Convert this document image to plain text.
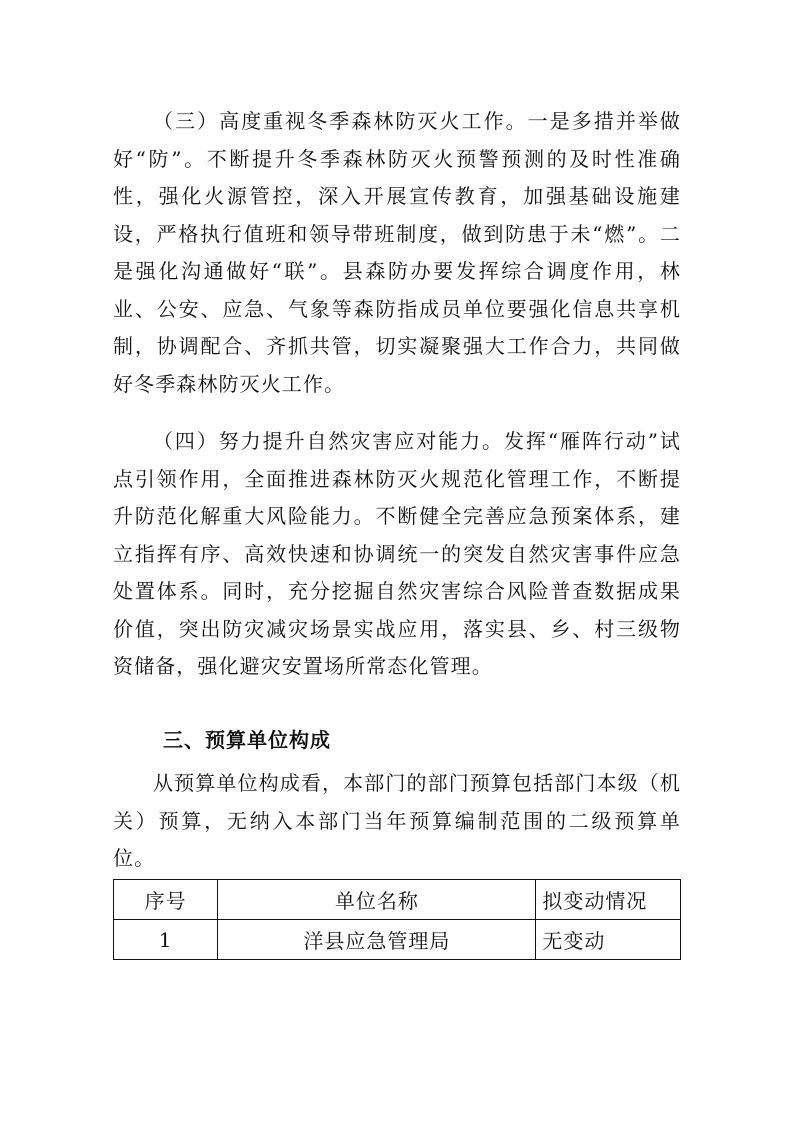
（三）高度重视冬季森林防灭火工作。一是多措并举做好“防”。不断提升冬季森林防灭火预警预测的及时性准确性，强化火源管控，深入开展宣传教育，加强基础设施建设，严格执行值班和领导带班制度，做到防患于未“燃”。二是强化沟通做好“联”。县森防办要发挥综合调度作用，林业、公安、应急、气象等森防指成员单位要强化信息共享机制，协调配合、齐抓共管，切实凝聚强大工作合力，共同做好冬季森林防灭火工作。

（四）努力提升自然灾害应对能力。发挥“雁阵行动”试点引领作用，全面推进森林防灭火规范化管理工作，不断提升防范化解重大风险能力。不断健全完善应急预案体系，建立指挥有序、高效快速和协调统一的突发自然灾害事件应急处置体系。同时，充分挖掘自然灾害综合风险普查数据成果价值，突出防灾减灾场景实战应用，落实县、乡、村三级物资储备，强化避灾安置场所常态化管理。

三、预算单位构成

从预算单位构成看，本部门的部门预算包括部门本级（机关）预算，无纳入本部门当年预算编制范围的二级预算单位。

序号	单位名称	拟变动情况
1	洋县应急管理局	无变动
